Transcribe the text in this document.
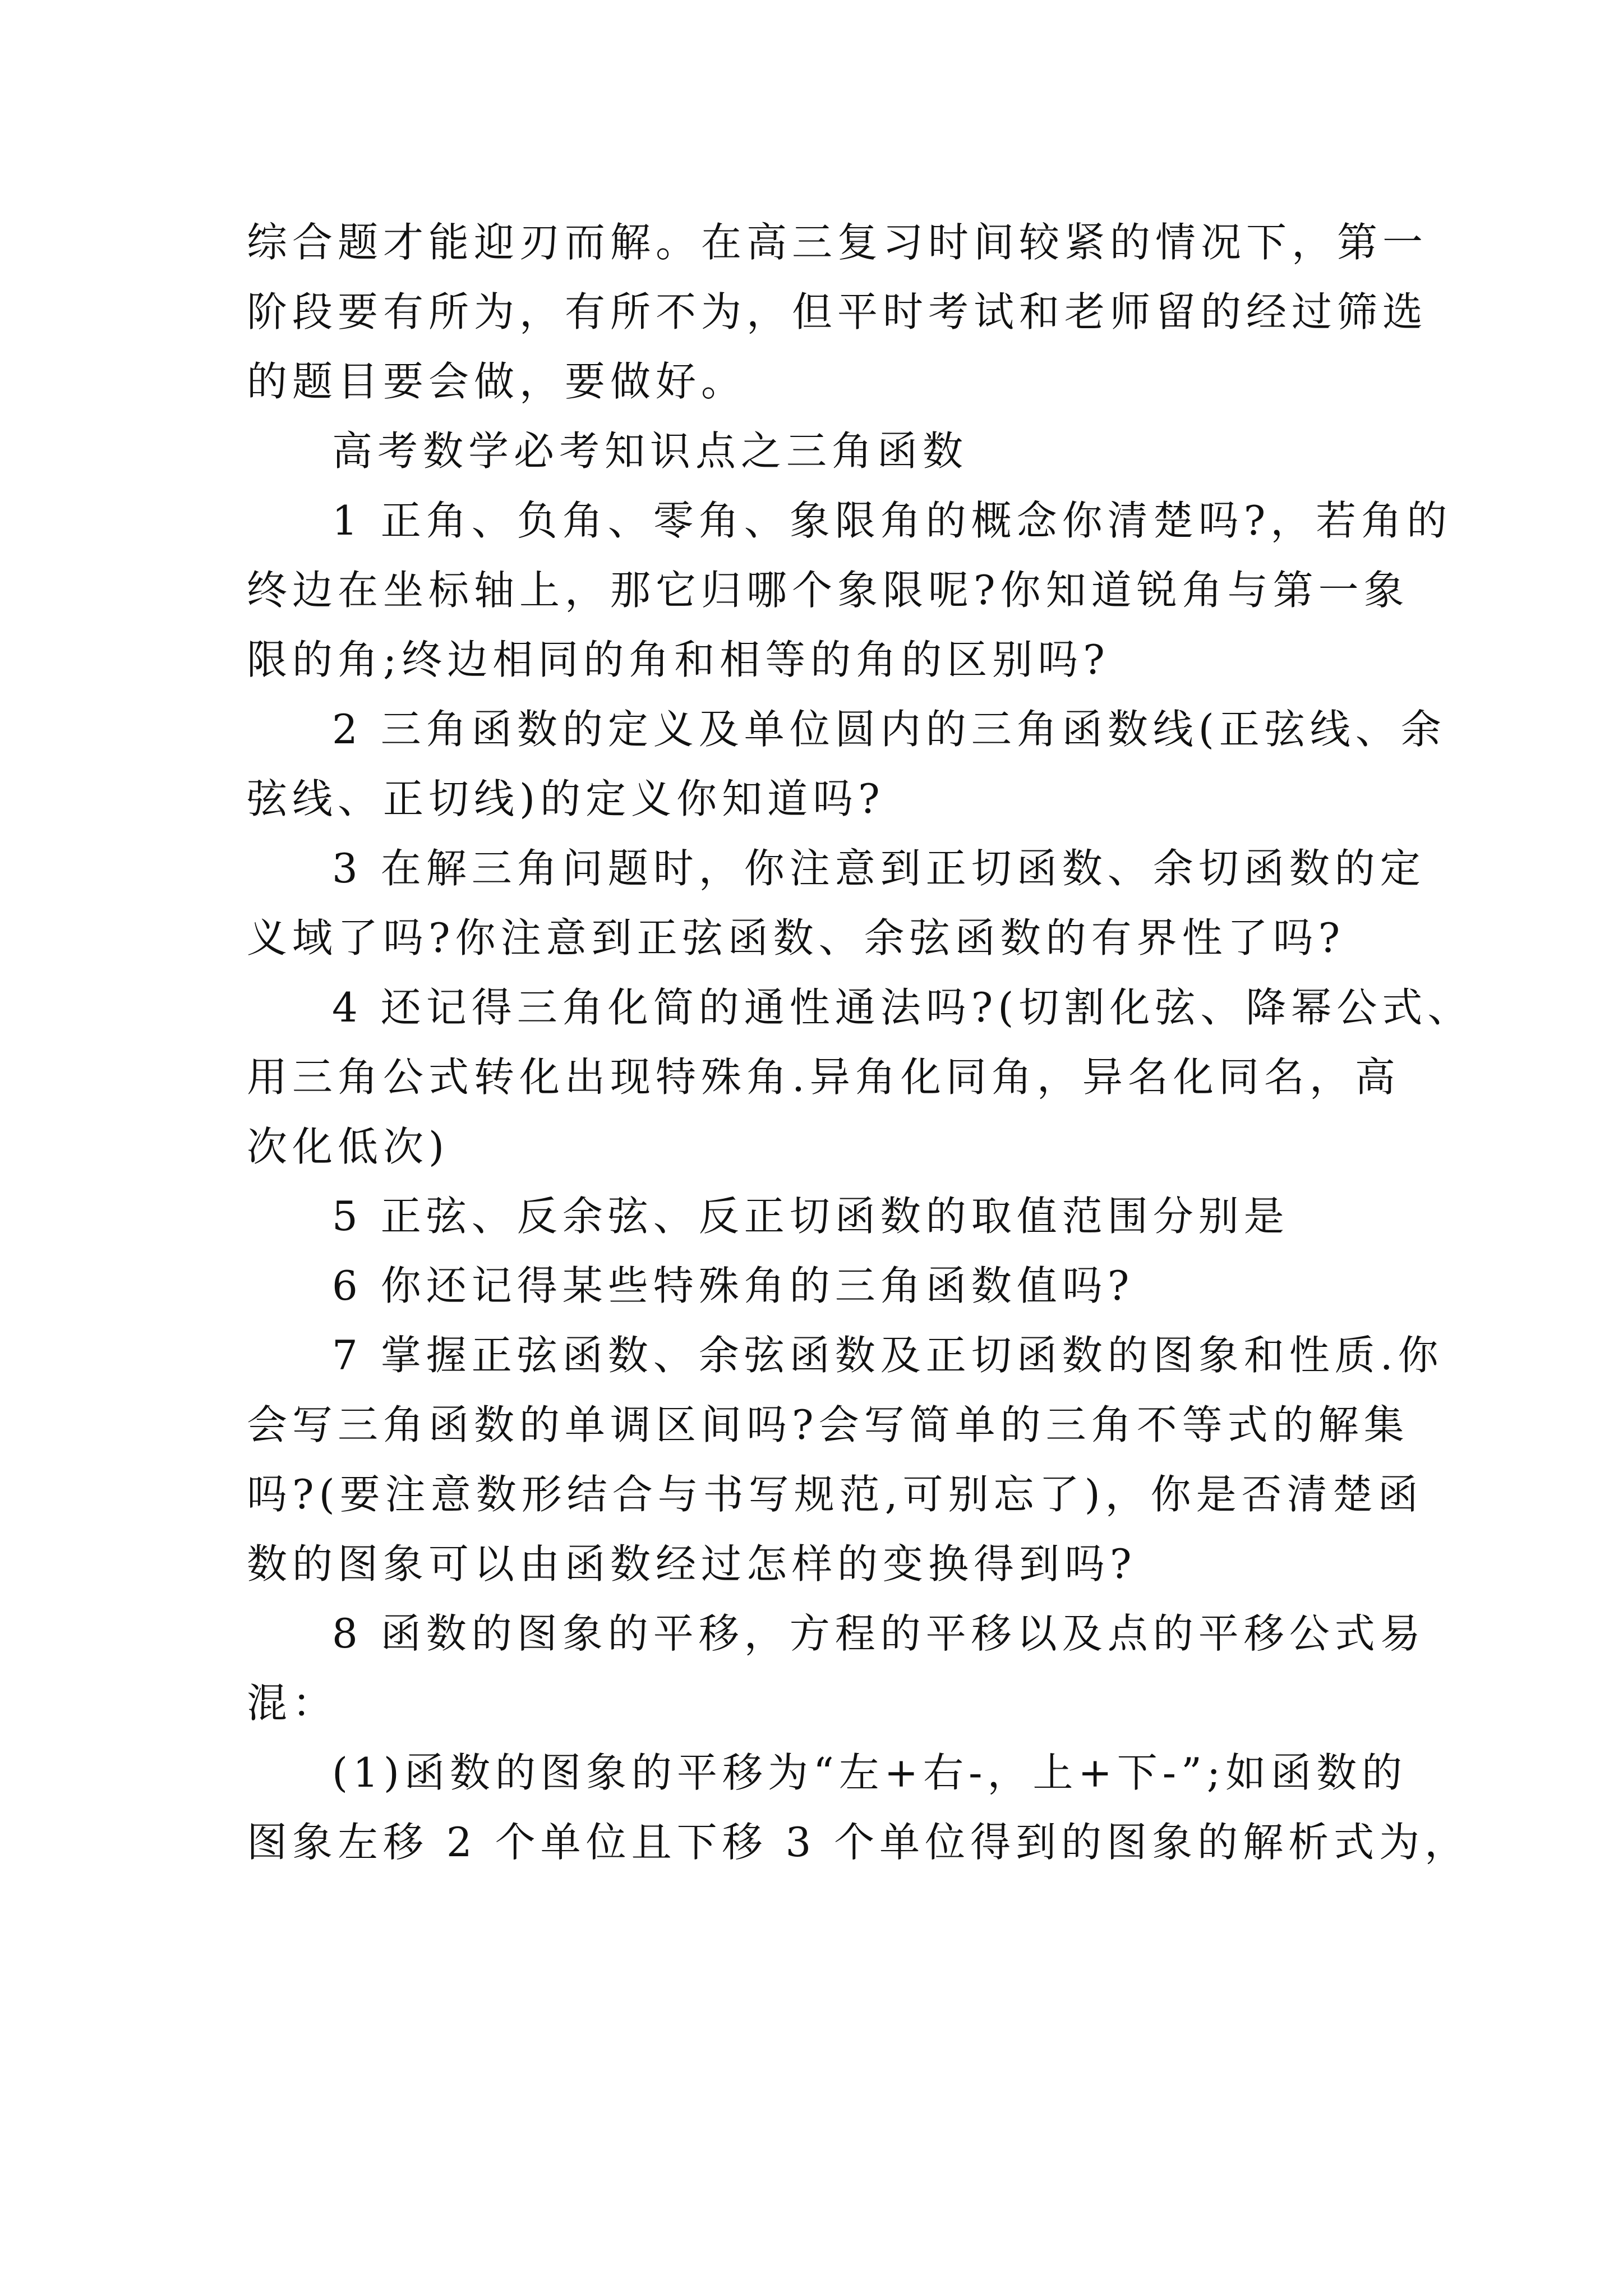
综合题才能迎刃而解。在高三复习时间较紧的情况下，第一
阶段要有所为，有所不为，但平时考试和老师留的经过筛选
的题目要会做，要做好。

高考数学必考知识点之三角函数

1 正角、负角、零角、象限角的概念你清楚吗?，若角的
终边在坐标轴上，那它归哪个象限呢?你知道锐角与第一象
限的角;终边相同的角和相等的角的区别吗?

2 三角函数的定义及单位圆内的三角函数线(正弦线、余
弦线、正切线)的定义你知道吗?

3 在解三角问题时，你注意到正切函数、余切函数的定
义域了吗?你注意到正弦函数、余弦函数的有界性了吗?

4 还记得三角化简的通性通法吗?(切割化弦、降幂公式、
用三角公式转化出现特殊角.异角化同角，异名化同名，高
次化低次)

5 正弦、反余弦、反正切函数的取值范围分别是

6 你还记得某些特殊角的三角函数值吗?

7 掌握正弦函数、余弦函数及正切函数的图象和性质.你
会写三角函数的单调区间吗?会写简单的三角不等式的解集
吗?(要注意数形结合与书写规范,可别忘了)，你是否清楚函
数的图象可以由函数经过怎样的变换得到吗?

8 函数的图象的平移，方程的平移以及点的平移公式易
混：

(1)函数的图象的平移为“左+右-，上+下-”;如函数的
图象左移 2 个单位且下移 3 个单位得到的图象的解析式为，
